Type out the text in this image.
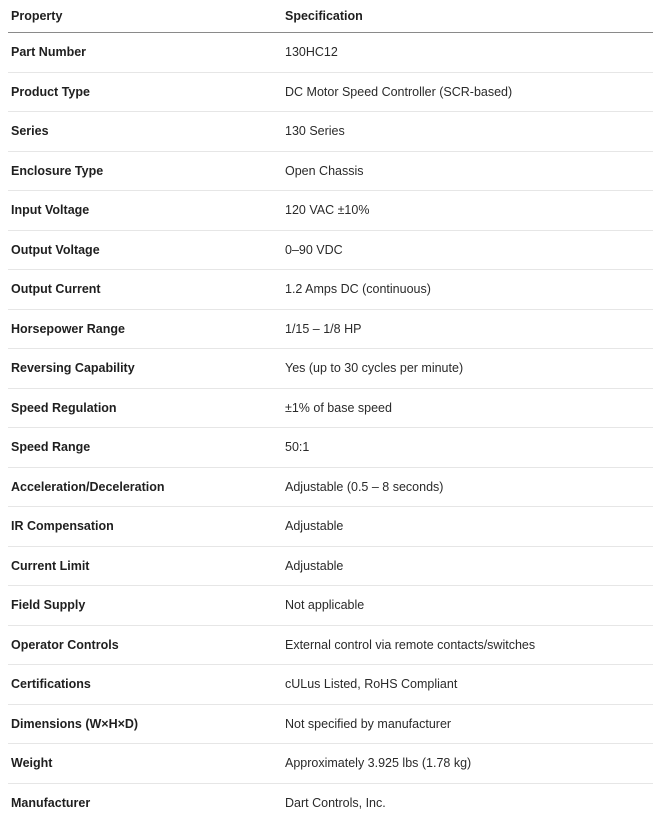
Property	Specification
Part Number	130HC12
Product Type	DC Motor Speed Controller (SCR-based)
Series	130 Series
Enclosure Type	Open Chassis
Input Voltage	120 VAC ±10%
Output Voltage	0–90 VDC
Output Current	1.2 Amps DC (continuous)
Horsepower Range	1/15 – 1/8 HP
Reversing Capability	Yes (up to 30 cycles per minute)
Speed Regulation	±1% of base speed
Speed Range	50:1
Acceleration/Deceleration	Adjustable (0.5 – 8 seconds)
IR Compensation	Adjustable
Current Limit	Adjustable
Field Supply	Not applicable
Operator Controls	External control via remote contacts/switches
Certifications	cULus Listed, RoHS Compliant
Dimensions (W×H×D)	Not specified by manufacturer
Weight	Approximately 3.925 lbs (1.78 kg)
Manufacturer	Dart Controls, Inc.
